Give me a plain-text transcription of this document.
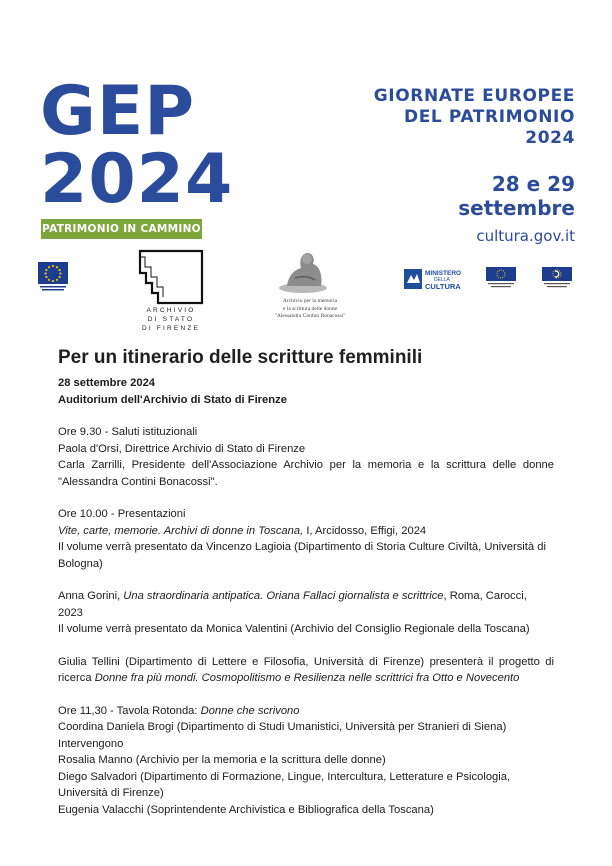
GEP
2024
PATRIMONIO IN CAMMINO
GIORNATE EUROPEE
DEL PATRIMONIO
2024
28 e 29
settembre
cultura.gov.it
ARCHIVIO
DI STATO
DI FIRENZE
Archivio per la memoria
e la scrittura delle donne
"Alessandra Contini Bonacossi"
MINISTERO
DELLA
CULTURA
Per un itinerario delle scritture femminili

28 settembre 2024

Auditorium dell'Archivio di Stato di Firenze

Ore 9.30 - Saluti istituzionali

Paola d'Orsi, Direttrice Archivio di Stato di Firenze

Carla Zarrilli, Presidente dell'Associazione Archivio per la memoria e la scrittura delle donne "Alessandra Contini Bonacossi".

Ore 10.00 - Presentazioni

Vite, carte, memorie. Archivi di donne in Toscana, I, Arcidosso, Effigi, 2024

Il volume verrà presentato da Vincenzo Lagioia (Dipartimento di Storia Culture Civiltà, Università di Bologna)

Anna Gorini, Una straordinaria antipatica. Oriana Fallaci giornalista e scrittrice, Roma, Carocci, 2023

Il volume verrà presentato da Monica Valentini (Archivio del Consiglio Regionale della Toscana)

Giulia Tellini (Dipartimento di Lettere e Filosofia, Università di Firenze) presenterà il progetto di ricerca Donne fra più mondi. Cosmopolitismo e Resilienza nelle scrittrici fra Otto e Novecento

Ore 11,30 - Tavola Rotonda: Donne che scrivono

Coordina Daniela Brogi (Dipartimento di Studi Umanistici, Università per Stranieri di Siena)

Intervengono

Rosalia Manno (Archivio per la memoria e la scrittura delle donne)

Diego Salvadori (Dipartimento di Formazione, Lingue, Intercultura, Letterature e Psicologia, Università di Firenze)

Eugenia Valacchi (Soprintendente Archivistica e Bibliografica della Toscana)
